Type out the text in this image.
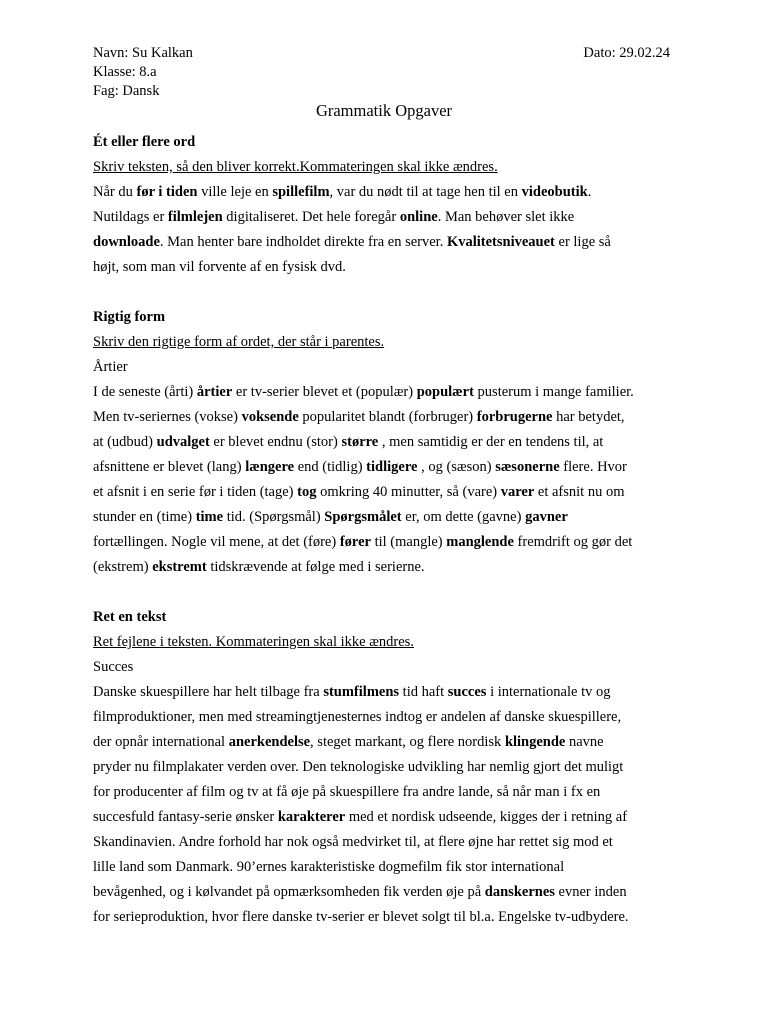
Navn: Su Kalkan	Dato: 29.02.24
Klasse: 8.a
Fag: Dansk
Grammatik Opgaver
Ét eller flere ord
Skriv teksten, så den bliver korrekt.Kommateringen skal ikke ændres.
Når du før i tiden ville leje en spillefilm, var du nødt til at tage hen til en videobutik.
Nutildags er filmlejen digitaliseret. Det hele foregår online. Man behøver slet ikke
downloade. Man henter bare indholdet direkte fra en server. Kvalitetsniveauet er lige så
højt, som man vil forvente af en fysisk dvd.
Rigtig form
Skriv den rigtige form af ordet, der står i parentes.
Årtier
I de seneste (årti) årtier er tv-serier blevet et (populær) populært pusterum i mange familier.
Men tv-seriernes (vokse) voksende popularitet blandt (forbruger) forbrugerne har betydet,
at (udbud) udvalget er blevet endnu (stor) større , men samtidig er der en tendens til, at
afsnittene er blevet (lang) længere end (tidlig) tidligere , og (sæson) sæsonerne flere. Hvor
et afsnit i en serie før i tiden (tage) tog omkring 40 minutter, så (vare) varer et afsnit nu om
stunder en (time) time tid. (Spørgsmål) Spørgsmålet er, om dette (gavne) gavner
fortællingen. Nogle vil mene, at det (føre) fører til (mangle) manglende fremdrift og gør det
(ekstrem) ekstremt tidskrævende at følge med i serierne.
Ret en tekst
Ret fejlene i teksten. Kommateringen skal ikke ændres.
Succes
Danske skuespillere har helt tilbage fra stumfilmens tid haft succes i internationale tv og
filmproduktioner, men med streamingtjenesternes indtog er andelen af danske skuespillere,
der opnår international anerkendelse, steget markant, og flere nordisk klingende navne
pryder nu filmplakater verden over. Den teknologiske udvikling har nemlig gjort det muligt
for producenter af film og tv at få øje på skuespillere fra andre lande, så når man i fx en
succesfuld fantasy-serie ønsker karakterer med et nordisk udseende, kigges der i retning af
Skandinavien. Andre forhold har nok også medvirket til, at flere øjne har rettet sig mod et
lille land som Danmark. 90’ernes karakteristiske dogmefilm fik stor international
bevågenhed, og i kølvandet på opmærksomheden fik verden øje på danskernes evner inden
for serieproduktion, hvor flere danske tv-serier er blevet solgt til bl.a. Engelske tv-udbydere.
